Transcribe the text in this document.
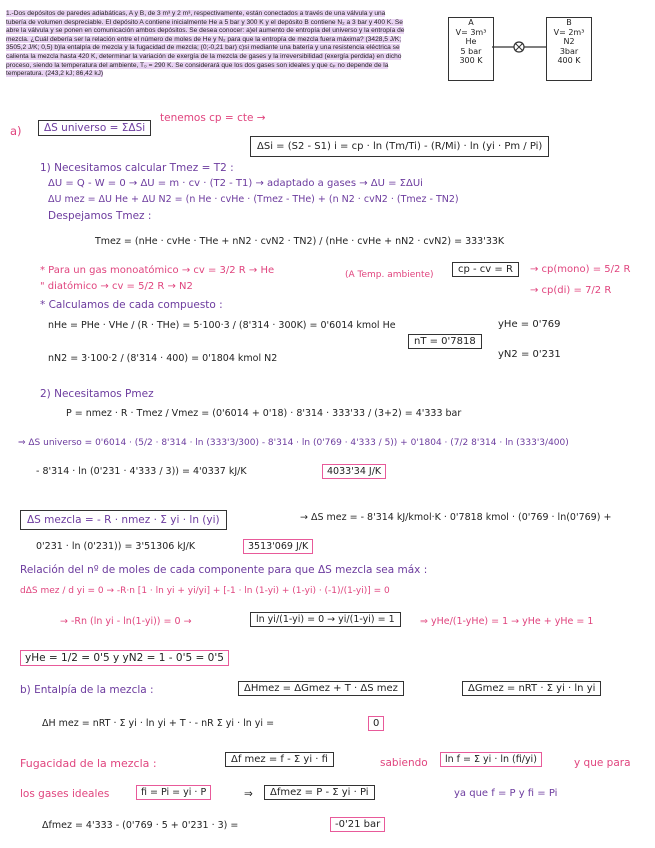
1.-Dos depósitos de paredes adiabáticas, A y B, de 3 m³ y 2 m³, respectivamente, están conectados a través de una válvula y una tubería de volumen despreciable. El depósito A contiene inicialmente He a 5 bar y 300 K y el depósito B contiene N₂ a 3 bar y 400 K. Se abre la válvula y se ponen en comunicación ambos depósitos. Se desea conocer: a)el aumento de entropía del universo y la entropía de mezcla. ¿Cuál debería ser la relación entre el número de moles de He y N₂ para que la entropía de mezcla fuera máxima? (3428,5 J/K; 3505,2 J/K; 0,5) b)la entalpía de mezcla y la fugacidad de mezcla; (0;-0,21 bar) c)si mediante una batería y una resistencia eléctrica se calienta la mezcla hasta 420 K, determinar la variación de exergía de la mezcla de gases y la irreversibilidad (exergía perdida) en dicho proceso, siendo la temperatura del ambiente, T₀ = 290 K. Se considerará que los dos gases son ideales y que cₚ no depende de la temperatura. (243,2 kJ; 86,42 kJ)
A
V= 3m³
He
5 bar
300 K
B
V= 2m³
N2
3bar
400 K
a)	ΔS universo = ΣΔSi
tenemos cp = cte →
ΔSi = (S2 - S1) i = cp · ln (Tm/Ti) - (R/Mi) · ln (yi · Pm / Pi)
1) Necesitamos calcular Tmez = T2 :
ΔU = Q - W = 0 → ΔU = m · cv · (T2 - T1) → adaptado a gases → ΔU = ΣΔUi
ΔU mez = ΔU He + ΔU N2 = (n He · cvHe · (Tmez - THe) + (n N2 · cvN2 · (Tmez - TN2)
Despejamos Tmez :
Tmez = (nHe · cvHe · THe + nN2 · cvN2 · TN2) / (nHe · cvHe + nN2 · cvN2) = 333'33K
* Para un gas monoatómico → cv = 3/2 R → He	(A Temp. ambiente)	cp - cv = R	→ cp(mono) = 5/2 R
" diatómico → cv = 5/2 R → N2	→ cp(di) = 7/2 R
* Calculamos de cada compuesto :
nHe = PHe · VHe / (R · THe) = 5·100·3 / (8'314 · 300K) = 0'6014 kmol He
nT = 0'7818
yHe = 0'769
yN2 = 0'231
nN2 = 3·100·2 / (8'314 · 400) = 0'1804 kmol N2
2) Necesitamos Pmez
P = nmez · R · Tmez / Vmez = (0'6014 + 0'18) · 8'314 · 333'33 / (3+2) = 4'333 bar
⇒ ΔS universo = 0'6014 · (5/2 · 8'314 · ln (333'3/300) - 8'314 · ln (0'769 · 4'333 / 5)) + 0'1804 · (7/2 8'314 · ln (333'3/400)
- 8'314 · ln (0'231 · 4'333 / 3)) = 4'0337 kJ/K	4033'34 J/K
ΔS mezcla = - R · nmez · Σ yi · ln (yi)	→ ΔS mez = - 8'314 kJ/kmol·K · 0'7818 kmol · (0'769 · ln(0'769) +
0'231 · ln (0'231)) = 3'51306 kJ/K	3513'069 J/K
Relación del nº de moles de cada componente para que ΔS mezcla sea máx :
dΔS mez / d yi = 0 → -R·n [1 · ln yi + yi/yi] + [-1 · ln (1-yi) + (1-yi) · (-1)/(1-yi)] = 0
→ -Rn (ln yi - ln(1-yi)) = 0 →	ln yi/(1-yi) = 0 → yi/(1-yi) = 1	⇒ yHe/(1-yHe) = 1 → yHe + yHe = 1
yHe = 1/2 = 0'5 y yN2 = 1 - 0'5 = 0'5
b) Entalpía de la mezcla :	ΔHmez = ΔGmez + T · ΔS mez	ΔGmez = nRT · Σ yi · ln yi
ΔH mez = nRT · Σ yi · ln yi + T · - nR Σ yi · ln yi =	0
Fugacidad de la mezcla :	Δf mez = f - Σ yi · fi	sabiendo	ln f = Σ yi · ln (fi/yi)	y que para
los gases ideales	fi = Pi = yi · P	⇒	Δfmez = P - Σ yi · Pi	ya que f = P y fi = Pi
Δfmez = 4'333 - (0'769 · 5 + 0'231 · 3) =	-0'21 bar
